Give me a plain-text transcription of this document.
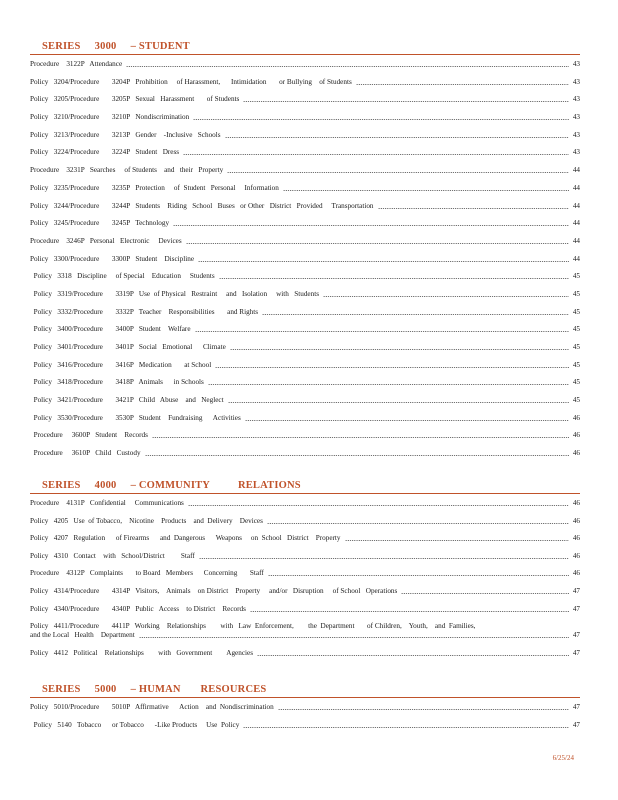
SERIES     3000     – STUDENT
Procedure    3122P   Attendance	43
Policy   3204/Procedure       3204P   Prohibition     of Harassment,      Intimidation       or Bullying    of Students	43
Policy   3205/Procedure       3205P   Sexual   Harassment       of Students	43
Policy   3210/Procedure       3210P   Nondiscrimination	43
Policy   3213/Procedure       3213P   Gender    -Inclusive   Schools	43
Policy   3224/Procedure       3224P   Student   Dress	43
Procedure    3231P   Searches     of Students    and   their   Property	44
Policy   3235/Procedure       3235P   Protection     of  Student   Personal     Information	44
Policy   3244/Procedure       3244P   Students    Riding   School   Buses   or Other   District   Provided     Transportation	44
Policy   3245/Procedure       3245P   Technology	44
Procedure    3246P   Personal   Electronic     Devices	44
Policy   3300/Procedure       3300P   Student    Discipline	44
Policy   3318   Discipline     of Special    Education     Students	45
Policy   3319/Procedure       3319P   Use  of Physical   Restraint     and   Isolation     with   Students	45
Policy   3332/Procedure       3332P   Teacher    Responsibilities       and Rights	45
Policy   3400/Procedure       3400P   Student    Welfare	45
Policy   3401/Procedure       3401P   Social   Emotional      Climate	45
Policy   3416/Procedure       3416P   Medication       at School	45
Policy   3418/Procedure       3418P   Animals      in Schools	45
Policy   3421/Procedure       3421P   Child   Abuse    and   Neglect	45
Policy   3530/Procedure       3530P   Student    Fundraising      Activities	46
Procedure     3600P   Student    Records	46
Procedure     3610P   Child   Custody	46
SERIES     4000     – COMMUNITY          RELATIONS
Procedure    4131P   Confidential     Communications	46
Policy   4205   Use  of Tobacco,    Nicotine    Products    and  Delivery    Devices	46
Policy   4207   Regulation      of Firearms      and  Dangerous      Weapons     on  School   District    Property	46
Policy   4310   Contact    with   School/District         Staff	46
Procedure    4312P   Complaints       to Board   Members      Concerning       Staff	46
Policy   4314/Procedure       4314P   Visitors,    Animals    on District    Property     and/or   Disruption     of School   Operations	47
Policy   4340/Procedure       4340P   Public   Access    to District    Records	47
Policy   4411/Procedure       4411P   Working    Relationships        with   Law  Enforcement,        the  Department       of Children,    Youth,    and  Families,
and the Local   Health    Department	47
Policy   4412   Political    Relationships        with   Government        Agencies	47
SERIES     5000     – HUMAN       RESOURCES
Policy   5010/Procedure       5010P   Affirmative      Action    and  Nondiscrimination	47
Policy   5140   Tobacco      or Tobacco      -Like Products     Use  Policy	47
6/25/24
